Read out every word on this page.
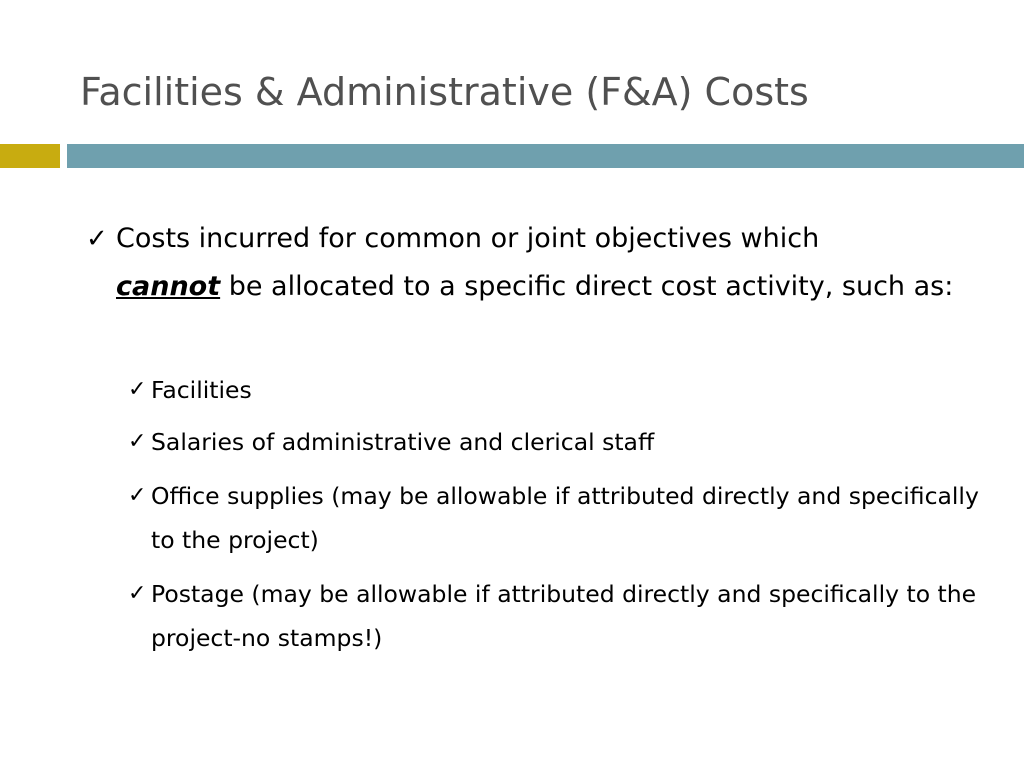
Facilities & Administrative (F&A) Costs
✓ Costs incurred for common or joint objectives which
cannot be allocated to a specific direct cost activity, such as:
✓ Facilities
✓ Salaries of administrative and clerical staff
✓ Office supplies (may be allowable if attributed directly and specifically to the project)
✓ Postage (may be allowable if attributed directly and specifically to the project-no stamps!)
